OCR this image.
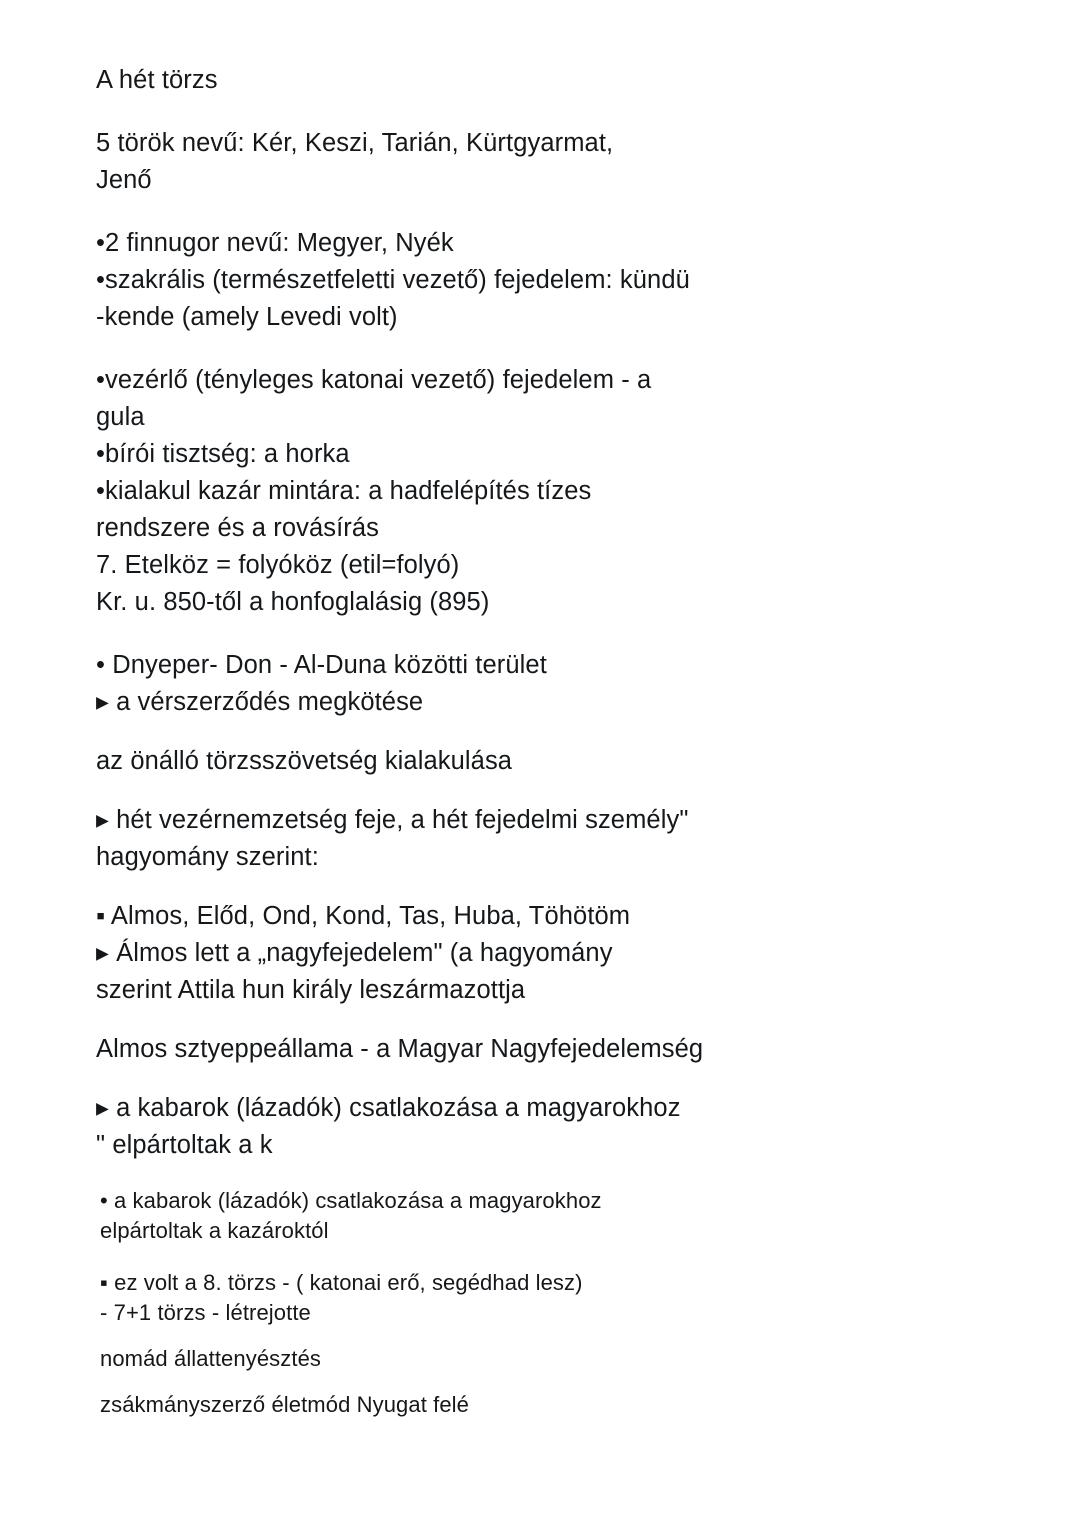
A hét törzs
5 török nevű: Kér, Keszi, Tarián, Kürtgyarmat,
Jenő
•2 finnugor nevű: Megyer, Nyék
•szakrális (természetfeletti vezető) fejedelem: kündü
-kende (amely Levedi volt)
•vezérlő (tényleges katonai vezető) fejedelem - a
gula
•bírói tisztség: a horka
•kialakul kazár mintára: a hadfelépítés tízes
rendszere és a rovásírás
7. Etelköz = folyóköz (etil=folyó)
Kr. u. 850-től a honfoglalásig (895)
• Dnyeper- Don - Al-Duna közötti terület
▸ a vérszerződés megkötése
az önálló törzsszövetség kialakulása
▸ hét vezérnemzetség feje, a hét fejedelmi személy"
hagyomány szerint:
▪ Almos, Előd, Ond, Kond, Tas, Huba, Töhötöm
▸ Álmos lett a „nagyfejedelem" (a hagyomány
szerint Attila hun király leszármazottja
Almos sztyeppeállama - a Magyar Nagyfejedelemség
▸ a kabarok (lázadók) csatlakozása a magyarokhoz
" elpártoltak a k
• a kabarok (lázadók) csatlakozása a magyarokhoz
elpártoltak a kazároktól
▪ ez volt a 8. törzs - ( katonai erő, segédhad lesz)
- 7+1 törzs - létrejotte
nomád állattenyésztés
zsákmányszerző életmód Nyugat felé
